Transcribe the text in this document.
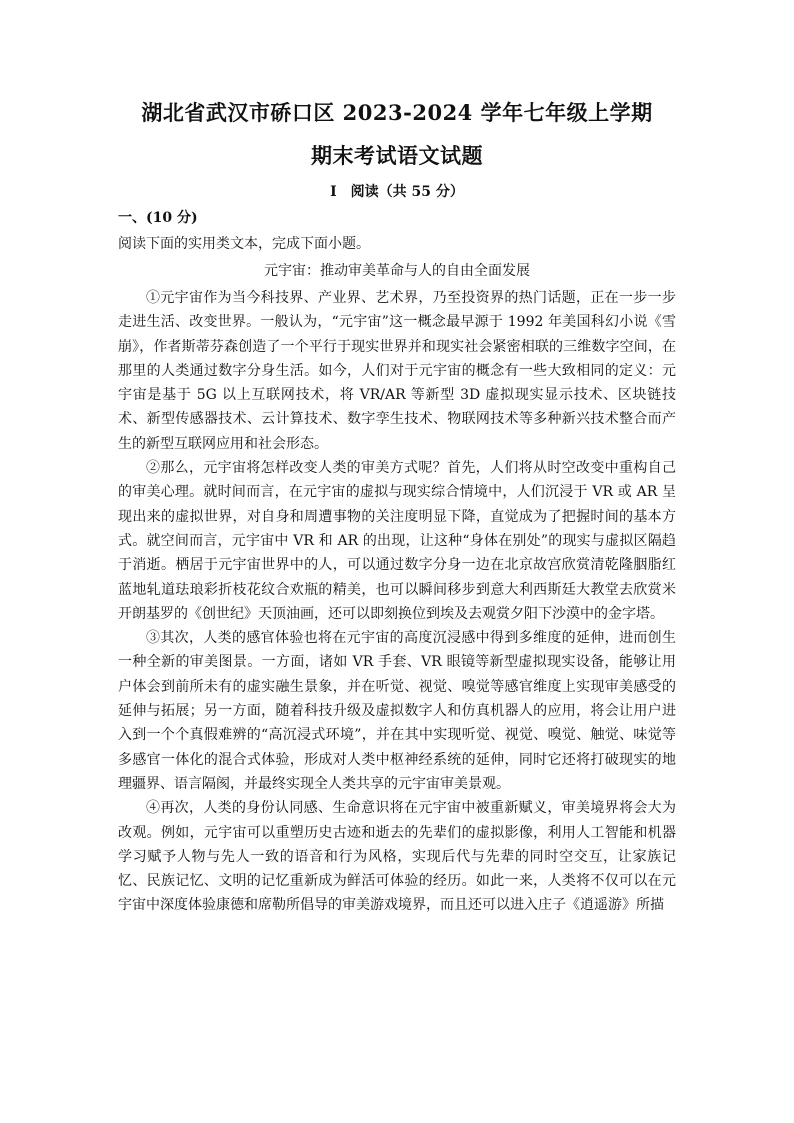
湖北省武汉市硚口区 2023-2024 学年七年级上学期
期末考试语文试题
Ⅰ　阅读（共 55 分）
一、(10 分)
阅读下面的实用类文本，完成下面小题。
元宇宙：推动审美革命与人的自由全面发展

①元宇宙作为当今科技界、产业界、艺术界，乃至投资界的热门话题，正在一步一步走进生活、改变世界。一般认为，“元宇宙”这一概念最早源于 1992 年美国科幻小说《雪崩》，作者斯蒂芬森创造了一个平行于现实世界并和现实社会紧密相联的三维数字空间，在那里的人类通过数字分身生活。如今，人们对于元宇宙的概念有一些大致相同的定义：元宇宙是基于 5G 以上互联网技术，将 VR/AR 等新型 3D 虚拟现实显示技术、区块链技术、新型传感器技术、云计算技术、数字孪生技术、物联网技术等多种新兴技术整合而产生的新型互联网应用和社会形态。

②那么，元宇宙将怎样改变人类的审美方式呢？首先，人们将从时空改变中重构自己的审美心理。就时间而言，在元宇宙的虚拟与现实综合情境中，人们沉浸于 VR 或 AR 呈现出来的虚拟世界，对自身和周遭事物的关注度明显下降，直觉成为了把握时间的基本方式。就空间而言，元宇宙中 VR 和 AR 的出现，让这种“身体在别处”的现实与虚拟区隔趋于消逝。栖居于元宇宙世界中的人，可以通过数字分身一边在北京故宫欣赏清乾隆胭脂红蓝地轧道珐琅彩折枝花纹合欢瓶的精美，也可以瞬间移步到意大利西斯廷大教堂去欣赏米开朗基罗的《创世纪》天顶油画，还可以即刻换位到埃及去观赏夕阳下沙漠中的金字塔。

③其次，人类的感官体验也将在元宇宙的高度沉浸感中得到多维度的延伸，进而创生一种全新的审美图景。一方面，诸如 VR 手套、VR 眼镜等新型虚拟现实设备，能够让用户体会到前所未有的虚实融生景象，并在听觉、视觉、嗅觉等感官维度上实现审美感受的延伸与拓展；另一方面，随着科技升级及虚拟数字人和仿真机器人的应用，将会让用户进入到一个个真假难辨的“高沉浸式环境”，并在其中实现听觉、视觉、嗅觉、触觉、味觉等多感官一体化的混合式体验，形成对人类中枢神经系统的延伸，同时它还将打破现实的地理疆界、语言隔阂，并最终实现全人类共享的元宇宙审美景观。

④再次，人类的身份认同感、生命意识将在元宇宙中被重新赋义，审美境界将会大为改观。例如，元宇宙可以重塑历史古迹和逝去的先辈们的虚拟影像，利用人工智能和机器学习赋予人物与先人一致的语音和行为风格，实现后代与先辈的同时空交互，让家族记忆、民族记忆、文明的记忆重新成为鲜活可体验的经历。如此一来，人类将不仅可以在元宇宙中深度体验康德和席勒所倡导的审美游戏境界，而且还可以进入庄子《逍遥游》所描
